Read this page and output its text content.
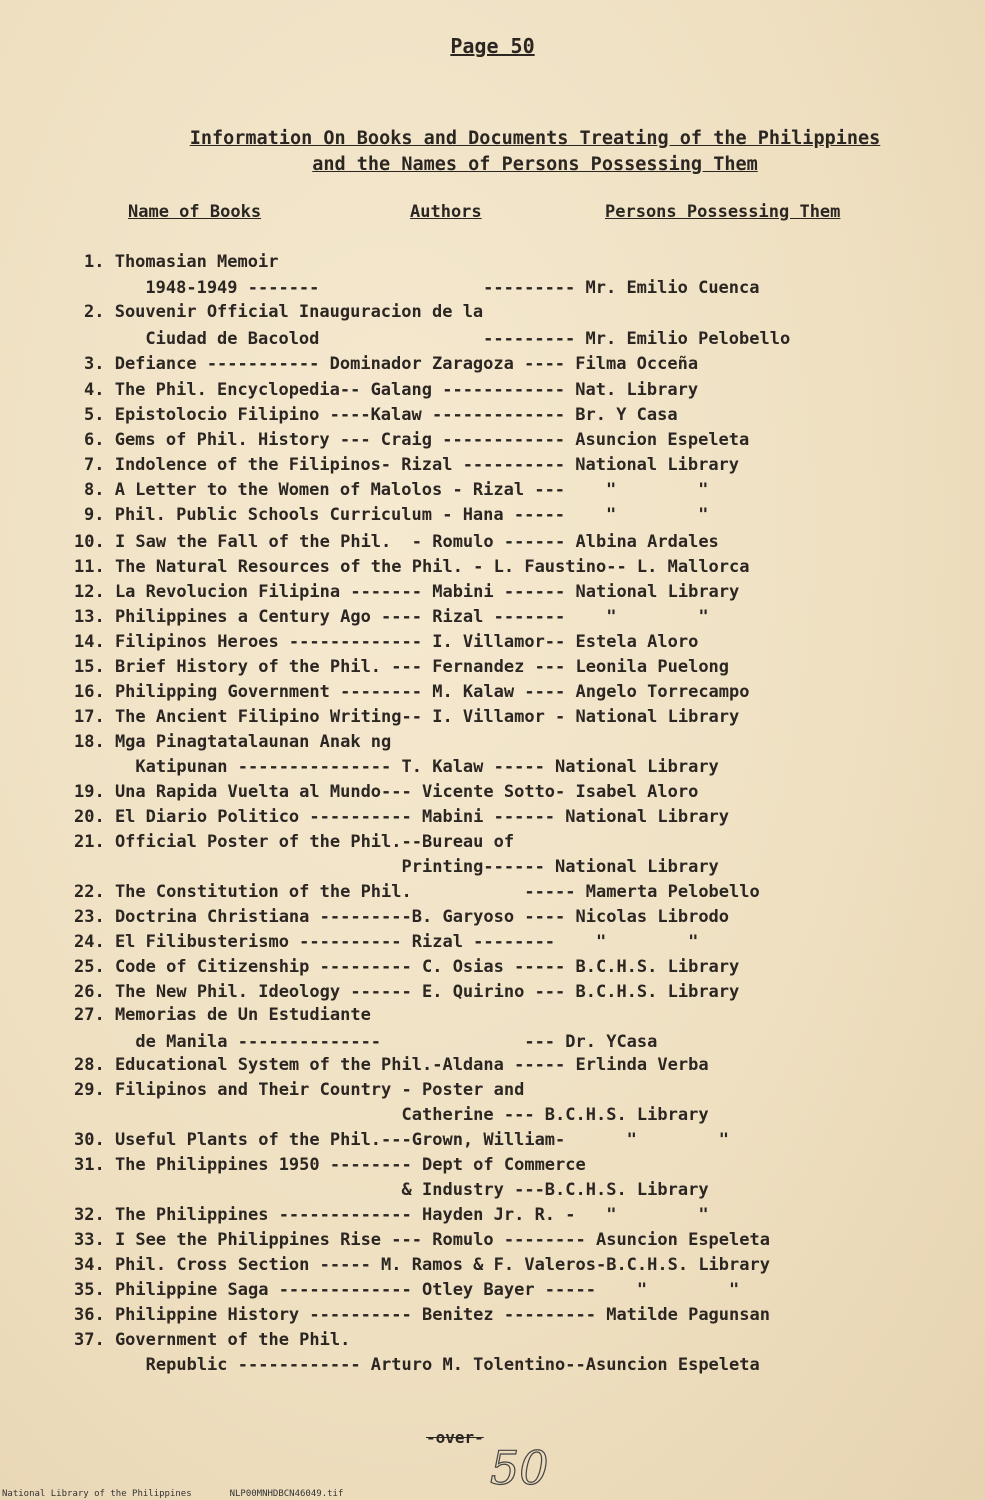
Page 50
Information On Books and Documents Treating of the Philippines
and the Names of Persons Possessing Them
Name of Books	Authors	Persons Possessing Them
1. Thomasian Memoir
1948-1949 -------                --------- Mr. Emilio Cuenca
2. Souvenir Official Inauguracion de la
Ciudad de Bacolod                --------- Mr. Emilio Pelobello
3. Defiance ----------- Dominador Zaragoza ---- Filma Occeña
4. The Phil. Encyclopedia-- Galang ------------ Nat. Library
5. Epistolocio Filipino ----Kalaw ------------- Br. Y Casa
6. Gems of Phil. History --- Craig ------------ Asuncion Espeleta
7. Indolence of the Filipinos- Rizal ---------- National Library
8. A Letter to the Women of Malolos - Rizal ---    "        "
9. Phil. Public Schools Curriculum - Hana -----    "        "
10. I Saw the Fall of the Phil.  - Romulo ------ Albina Ardales
11. The Natural Resources of the Phil. - L. Faustino-- L. Mallorca
12. La Revolucion Filipina ------- Mabini ------ National Library
13. Philippines a Century Ago ---- Rizal -------    "        "
14. Filipinos Heroes ------------- I. Villamor-- Estela Aloro
15. Brief History of the Phil. --- Fernandez --- Leonila Puelong
16. Philipping Government -------- M. Kalaw ---- Angelo Torrecampo
17. The Ancient Filipino Writing-- I. Villamor - National Library
18. Mga Pinagtatalaunan Anak ng
Katipunan --------------- T. Kalaw ----- National Library
19. Una Rapida Vuelta al Mundo--- Vicente Sotto- Isabel Aloro
20. El Diario Politico ---------- Mabini ------ National Library
21. Official Poster of the Phil.--Bureau of
Printing------ National Library
22. The Constitution of the Phil.           ----- Mamerta Pelobello
23. Doctrina Christiana ---------B. Garyoso ---- Nicolas Librodo
24. El Filibusterismo ---------- Rizal --------    "        "
25. Code of Citizenship --------- C. Osias ----- B.C.H.S. Library
26. The New Phil. Ideology ------ E. Quirino --- B.C.H.S. Library
27. Memorias de Un Estudiante
de Manila --------------              --- Dr. YCasa
28. Educational System of the Phil.-Aldana ----- Erlinda Verba
29. Filipinos and Their Country - Poster and
Catherine --- B.C.H.S. Library
30. Useful Plants of the Phil.---Grown, William-      "        "
31. The Philippines 1950 -------- Dept of Commerce
& Industry ---B.C.H.S. Library
32. The Philippines ------------- Hayden Jr. R. -   "        "
33. I See the Philippines Rise --- Romulo -------- Asuncion Espeleta
34. Phil. Cross Section ----- M. Ramos & F. Valeros-B.C.H.S. Library
35. Philippine Saga ------------- Otley Bayer -----    "        "
36. Philippine History ---------- Benitez --------- Matilde Pagunsan
37. Government of the Phil.
Republic ------------ Arturo M. Tolentino--Asuncion Espeleta
-over-
50
National Library of the Philippines       NLP00MNHDBCN46049.tif
